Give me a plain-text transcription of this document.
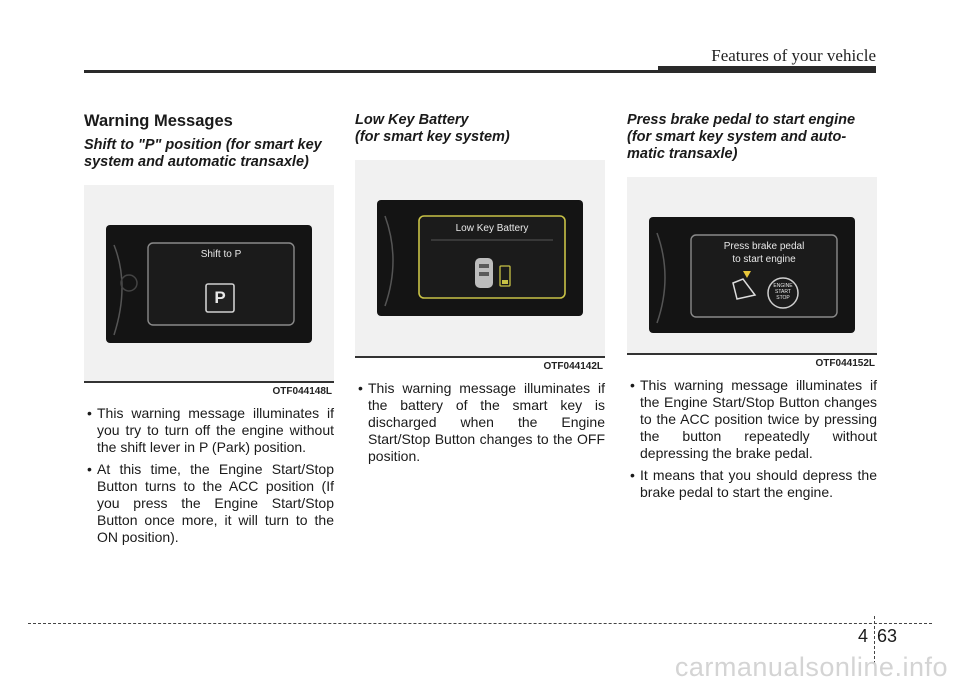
Features of your vehicle
Warning Messages

Shift to "P" position (for smart key system and automatic transaxle)

Shift to P
P
OTF044148L
• This warning message illuminates if you try to turn off the engine without the shift lever in P (Park) position.
• At this time, the Engine Start/Stop Button turns to the ACC position (If you press the Engine Start/Stop Button once more, it will turn to the ON position).

Low Key Battery

(for smart key system)

Low Key Battery
OTF044142L
• This warning message illuminates if the battery of the smart key is discharged when the Engine Start/Stop Button changes to the OFF position.

Press brake pedal to start engine (for smart key system and auto- matic transaxle)

Press brake pedal
to start engine
ENGINE
START
STOP
OTF044152L
• This warning message illuminates if the Engine Start/Stop Button changes to the ACC position twice by pressing the button repeatedly without depressing the brake pedal.
• It means that you should depress the brake pedal to start the engine.
4 63
carmanualsonline.info
